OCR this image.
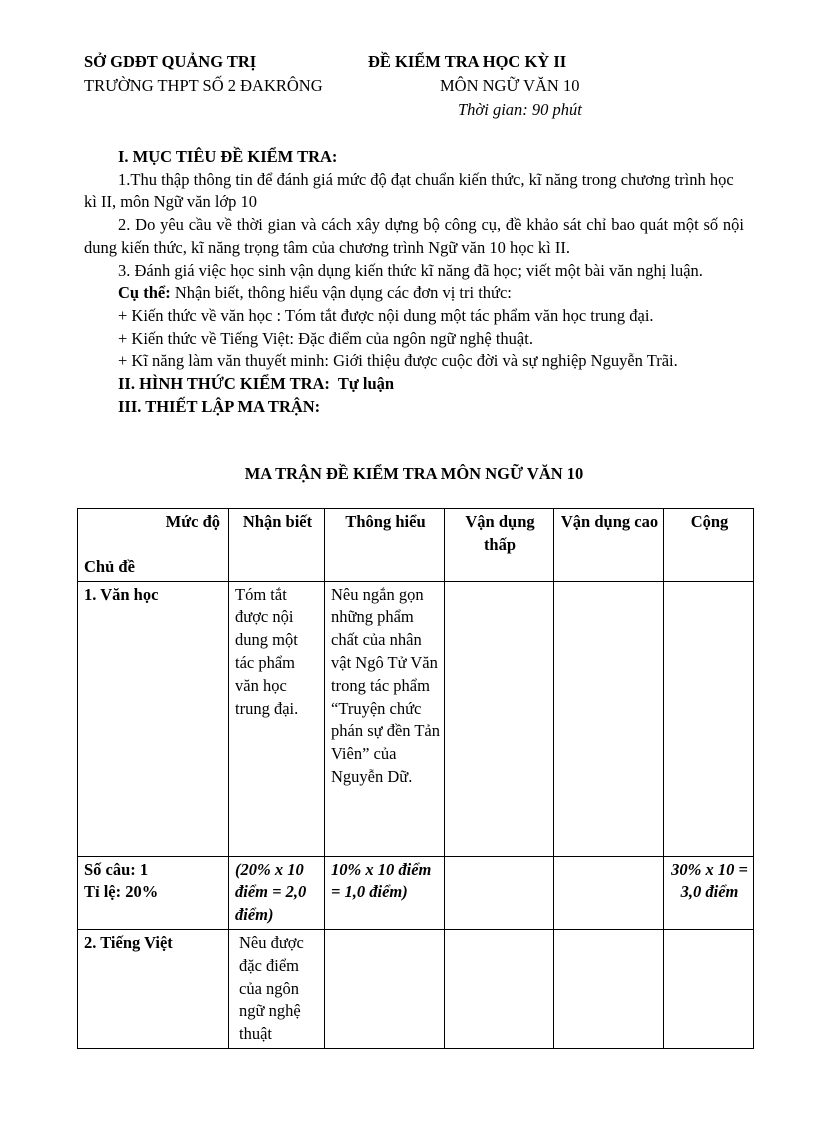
SỞ GDĐT QUẢNG TRỊ
TRƯỜNG THPT SỐ 2 ĐAKRÔNG
ĐỀ KIỂM TRA HỌC KỲ II
MÔN NGỮ VĂN 10
Thời gian: 90 phút

I. MỤC TIÊU ĐỀ KIỂM TRA:

1.Thu thập thông tin để đánh giá mức độ đạt chuẩn kiến thức, kĩ năng trong chương trình học kì II, môn Ngữ văn lớp 10

2. Do yêu cầu về thời gian và cách xây dựng bộ công cụ, đề khảo sát chỉ bao quát một số nội dung kiến thức, kĩ năng trọng tâm của chương trình Ngữ văn 10 học kì II.

3. Đánh giá việc học sinh vận dụng kiến thức kĩ năng đã học; viết một bài văn nghị luận.

Cụ thể: Nhận biết, thông hiểu vận dụng các đơn vị tri thức:

+ Kiến thức về văn học : Tóm tắt được nội dung một tác phẩm văn học trung đại.

+ Kiến thức về Tiếng Việt: Đặc điểm của ngôn ngữ nghệ thuật.

+ Kĩ năng làm văn thuyết minh: Giới thiệu được cuộc đời và sự nghiệp Nguyễn Trãi.

II. HÌNH THỨC KIỂM TRA: Tự luận

III. THIẾT LẬP MA TRẬN:

MA TRẬN ĐỀ KIỂM TRA MÔN NGỮ VĂN 10
Mức độ
Chủ đề	Nhận biết	Thông hiểu	Vận dụng thấp	Vận dụng cao	Cộng
1. Văn học	Tóm tắt được nội dung một tác phẩm văn học trung đại.	Nêu ngắn gọn những phẩm chất của nhân vật Ngô Tử Văn trong tác phẩm “Truyện chức phán sự đền Tản Viên” của Nguyễn Dữ.			

Số câu: 1
Tỉ lệ: 20%	(20% x 10 điểm = 2,0 điểm)	10% x 10 điểm = 1,0 điểm)			30% x 10 = 3,0 điểm
2. Tiếng Việt	Nêu được đặc điểm của ngôn ngữ nghệ thuật				
